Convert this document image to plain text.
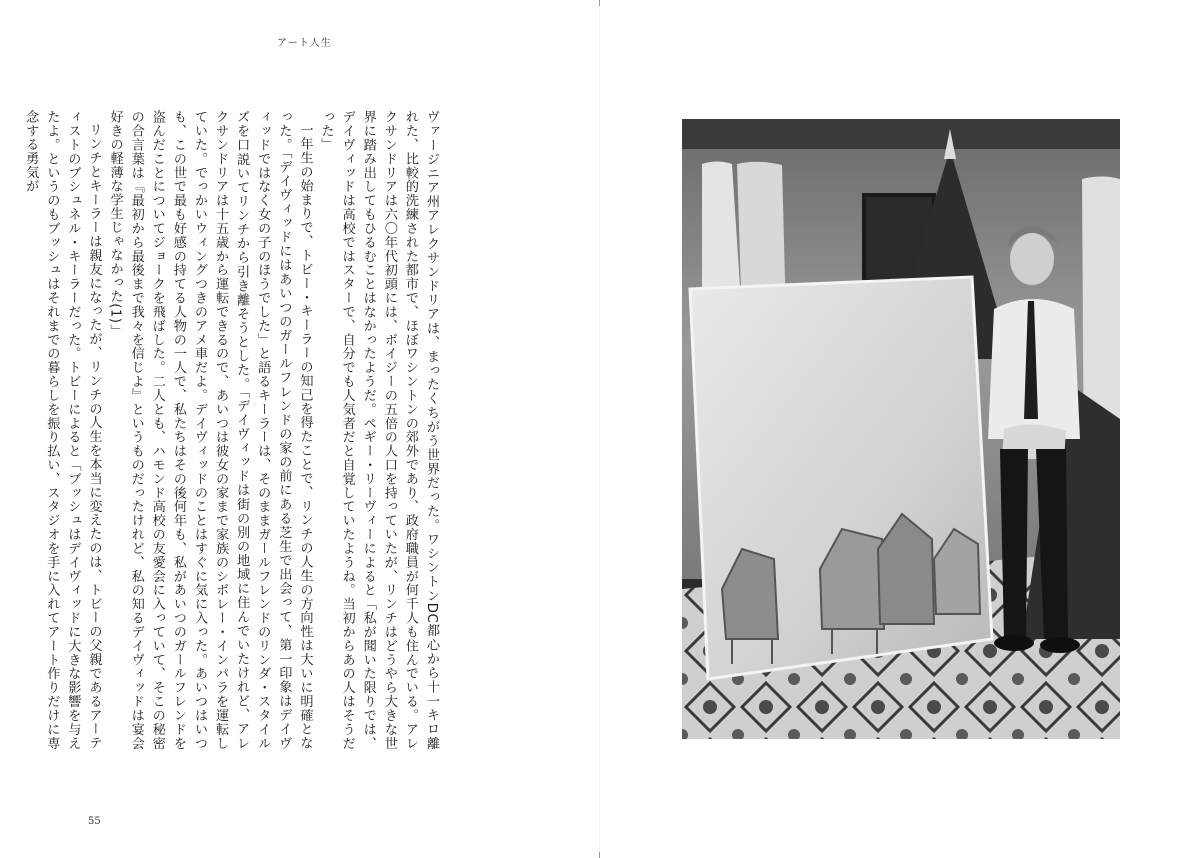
アート人生

ヴァージニア州アレクサンドリアは、まったくちがう世界だった。ワシントンDC都心から十一キロ離れた、比較的洗練された都市で、ほぼワシントンの郊外であり、政府職員が何千人も住んでいる。アレクサンドリアは六〇年代初頭には、ボイジーの五倍の人口を持っていたが、リンチはどうやら大きな世界に踏み出してもひるむことはなかったようだ。ペギー・リーヴィーによると「私が聞いた限りでは、デイヴィッドは高校ではスターで、自分でも人気者だと自覚していたようね。当初からあの人はそうだった」

一年生の始まりで、トビー・キーラーの知己を得たことで、リンチの人生の方向性は大いに明確となった。「デイヴィッドにはあいつのガールフレンドの家の前にある芝生で出会って、第一印象はデイヴィッドではなく女の子のほうでした」と語るキーラーは、そのままガールフレンドのリンダ・スタイルズを口説いてリンチから引き離そうとした。「デイヴィッドは街の別の地域に住んでいたけれど、アレクサンドリアは十五歳から運転できるので、あいつは彼女の家まで家族のシボレー・インパラを運転していた。でっかいウィングつきのアメ車だよ。デイヴィッドのことはすぐに気に入った。あいつはいつも、この世で最も好感の持てる人物の一人で、私たちはその後何年も、私があいつのガールフレンドを盗んだことについてジョークを飛ばした。二人とも、ハモンド高校の友愛会に入っていて、そこの秘密の合言葉は『最初から最後まで我々を信じよ』というものだったけれど、私の知るデイヴィッドは宴会好きの軽薄な学生じゃなかった(1)」

リンチとキーラーは親友になったが、リンチの人生を本当に変えたのは、トビーの父親であるアーティストのブシュネル・キーラーだった。トビーによると「ブッシュはデイヴィッドに大きな影響を与えたよ。というのもブッシュはそれまでの暮らしを振り払い、スタジオを手に入れてアート作りだけに専念する勇気が

55
